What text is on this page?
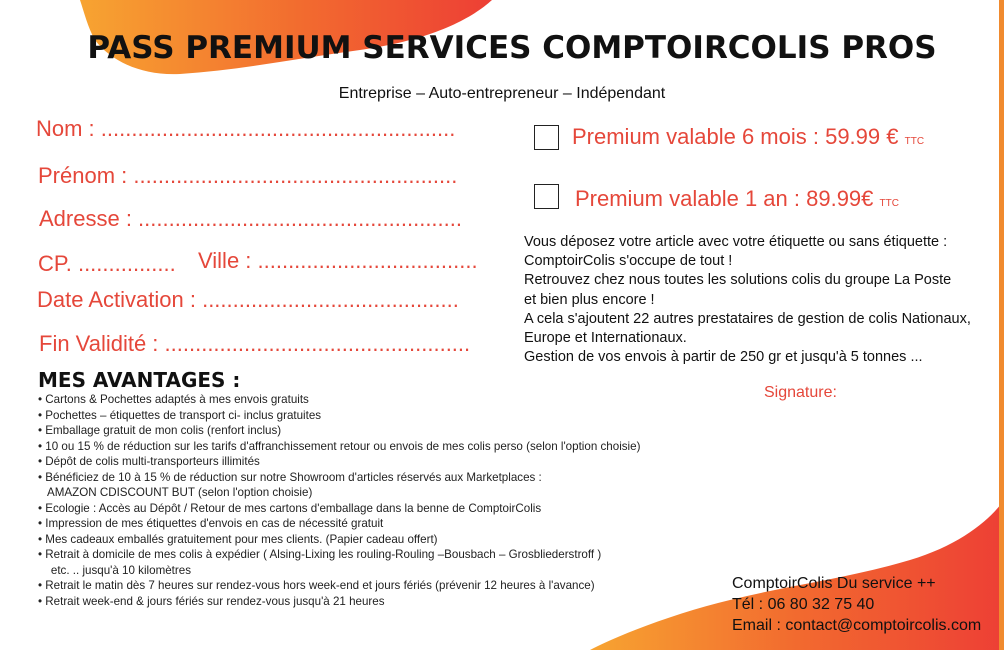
PASS PREMIUM SERVICES COMPTOIRCOLIS PROS
Entreprise – Auto-entrepreneur – Indépendant
Nom : ..........................................................
Prénom : .....................................................
Adresse : .....................................................
CP. ................ Ville : ....................................
Date Activation : ..........................................
Fin Validité : ..................................................
Premium valable 6 mois : 59.99 € TTC
Premium valable 1 an : 89.99€ TTC
Vous déposez votre article avec votre étiquette ou sans étiquette :
ComptoirColis s'occupe de tout !
Retrouvez chez nous toutes les solutions colis du groupe La Poste
et bien plus encore !
A cela s'ajoutent 22 autres prestataires de gestion de colis Nationaux,
Europe et Internationaux.
Gestion de vos envois à partir de 250 gr et jusqu'à 5 tonnes ...
Signature:
MES AVANTAGES :
• Cartons & Pochettes adaptés à mes envois gratuits
• Pochettes – étiquettes de transport ci- inclus gratuites
• Emballage gratuit de mon colis (renfort inclus)
• 10 ou 15 % de réduction sur les tarifs d'affranchissement retour ou envois de mes colis perso (selon l'option choisie)
• Dépôt de colis multi-transporteurs illimités
• Bénéficiez de 10 à 15 % de réduction sur notre Showroom d'articles réservés aux Marketplaces :
AMAZON CDISCOUNT BUT (selon l'option choisie)
• Ecologie : Accès au Dépôt / Retour de mes cartons d'emballage dans la benne de ComptoirColis
• Impression de mes étiquettes d'envois en cas de nécessité gratuit
• Mes cadeaux emballés gratuitement pour mes clients. (Papier cadeau offert)
• Retrait à domicile de mes colis à expédier ( Alsing-Lixing les rouling-Rouling –Bousbach – Grosbliederstroff )
etc. .. jusqu'à 10 kilomètres
• Retrait le matin dès 7 heures sur rendez-vous hors week-end et jours fériés (prévenir 12 heures à l'avance)
• Retrait week-end & jours fériés sur rendez-vous jusqu'à 21 heures
ComptoirColis Du service ++
Tél : 06 80 32 75 40
Email : contact@comptoircolis.com
